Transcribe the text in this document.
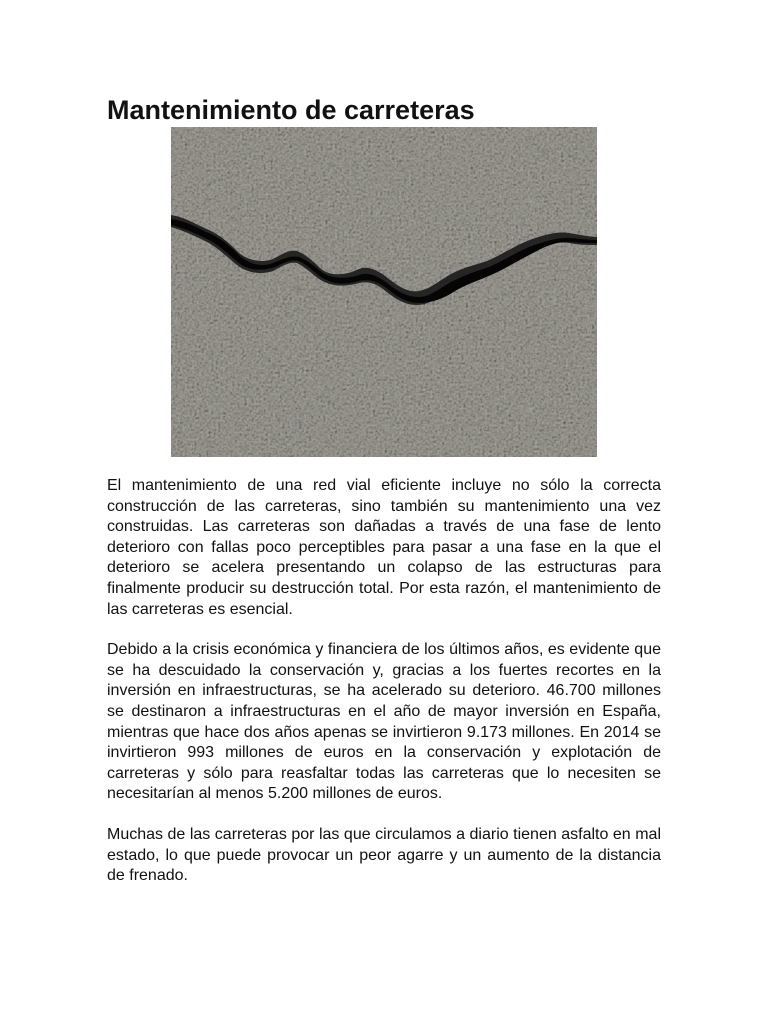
Mantenimiento de carreteras

El mantenimiento de una red vial eficiente incluye no sólo la correcta construcción de las carreteras, sino también su mantenimiento una vez construidas. Las carreteras son dañadas a través de una fase de lento deterioro con fallas poco perceptibles para pasar a una fase en la que el deterioro se acelera presentando un colapso de las estructuras para finalmente producir su destrucción total. Por esta razón, el mantenimiento de las carreteras es esencial.

Debido a la crisis económica y financiera de los últimos años, es evidente que se ha descuidado la conservación y, gracias a los fuertes recortes en la inversión en infraestructuras, se ha acelerado su deterioro. 46.700 millones se destinaron a infraestructuras en el año de mayor inversión en España, mientras que hace dos años apenas se invirtieron 9.173 millones. En 2014 se invirtieron 993 millones de euros en la conservación y explotación de carreteras y sólo para reasfaltar todas las carreteras que lo necesiten se necesitarían al menos 5.200 millones de euros.

Muchas de las carreteras por las que circulamos a diario tienen asfalto en mal estado, lo que puede provocar un peor agarre y un aumento de la distancia de frenado.
